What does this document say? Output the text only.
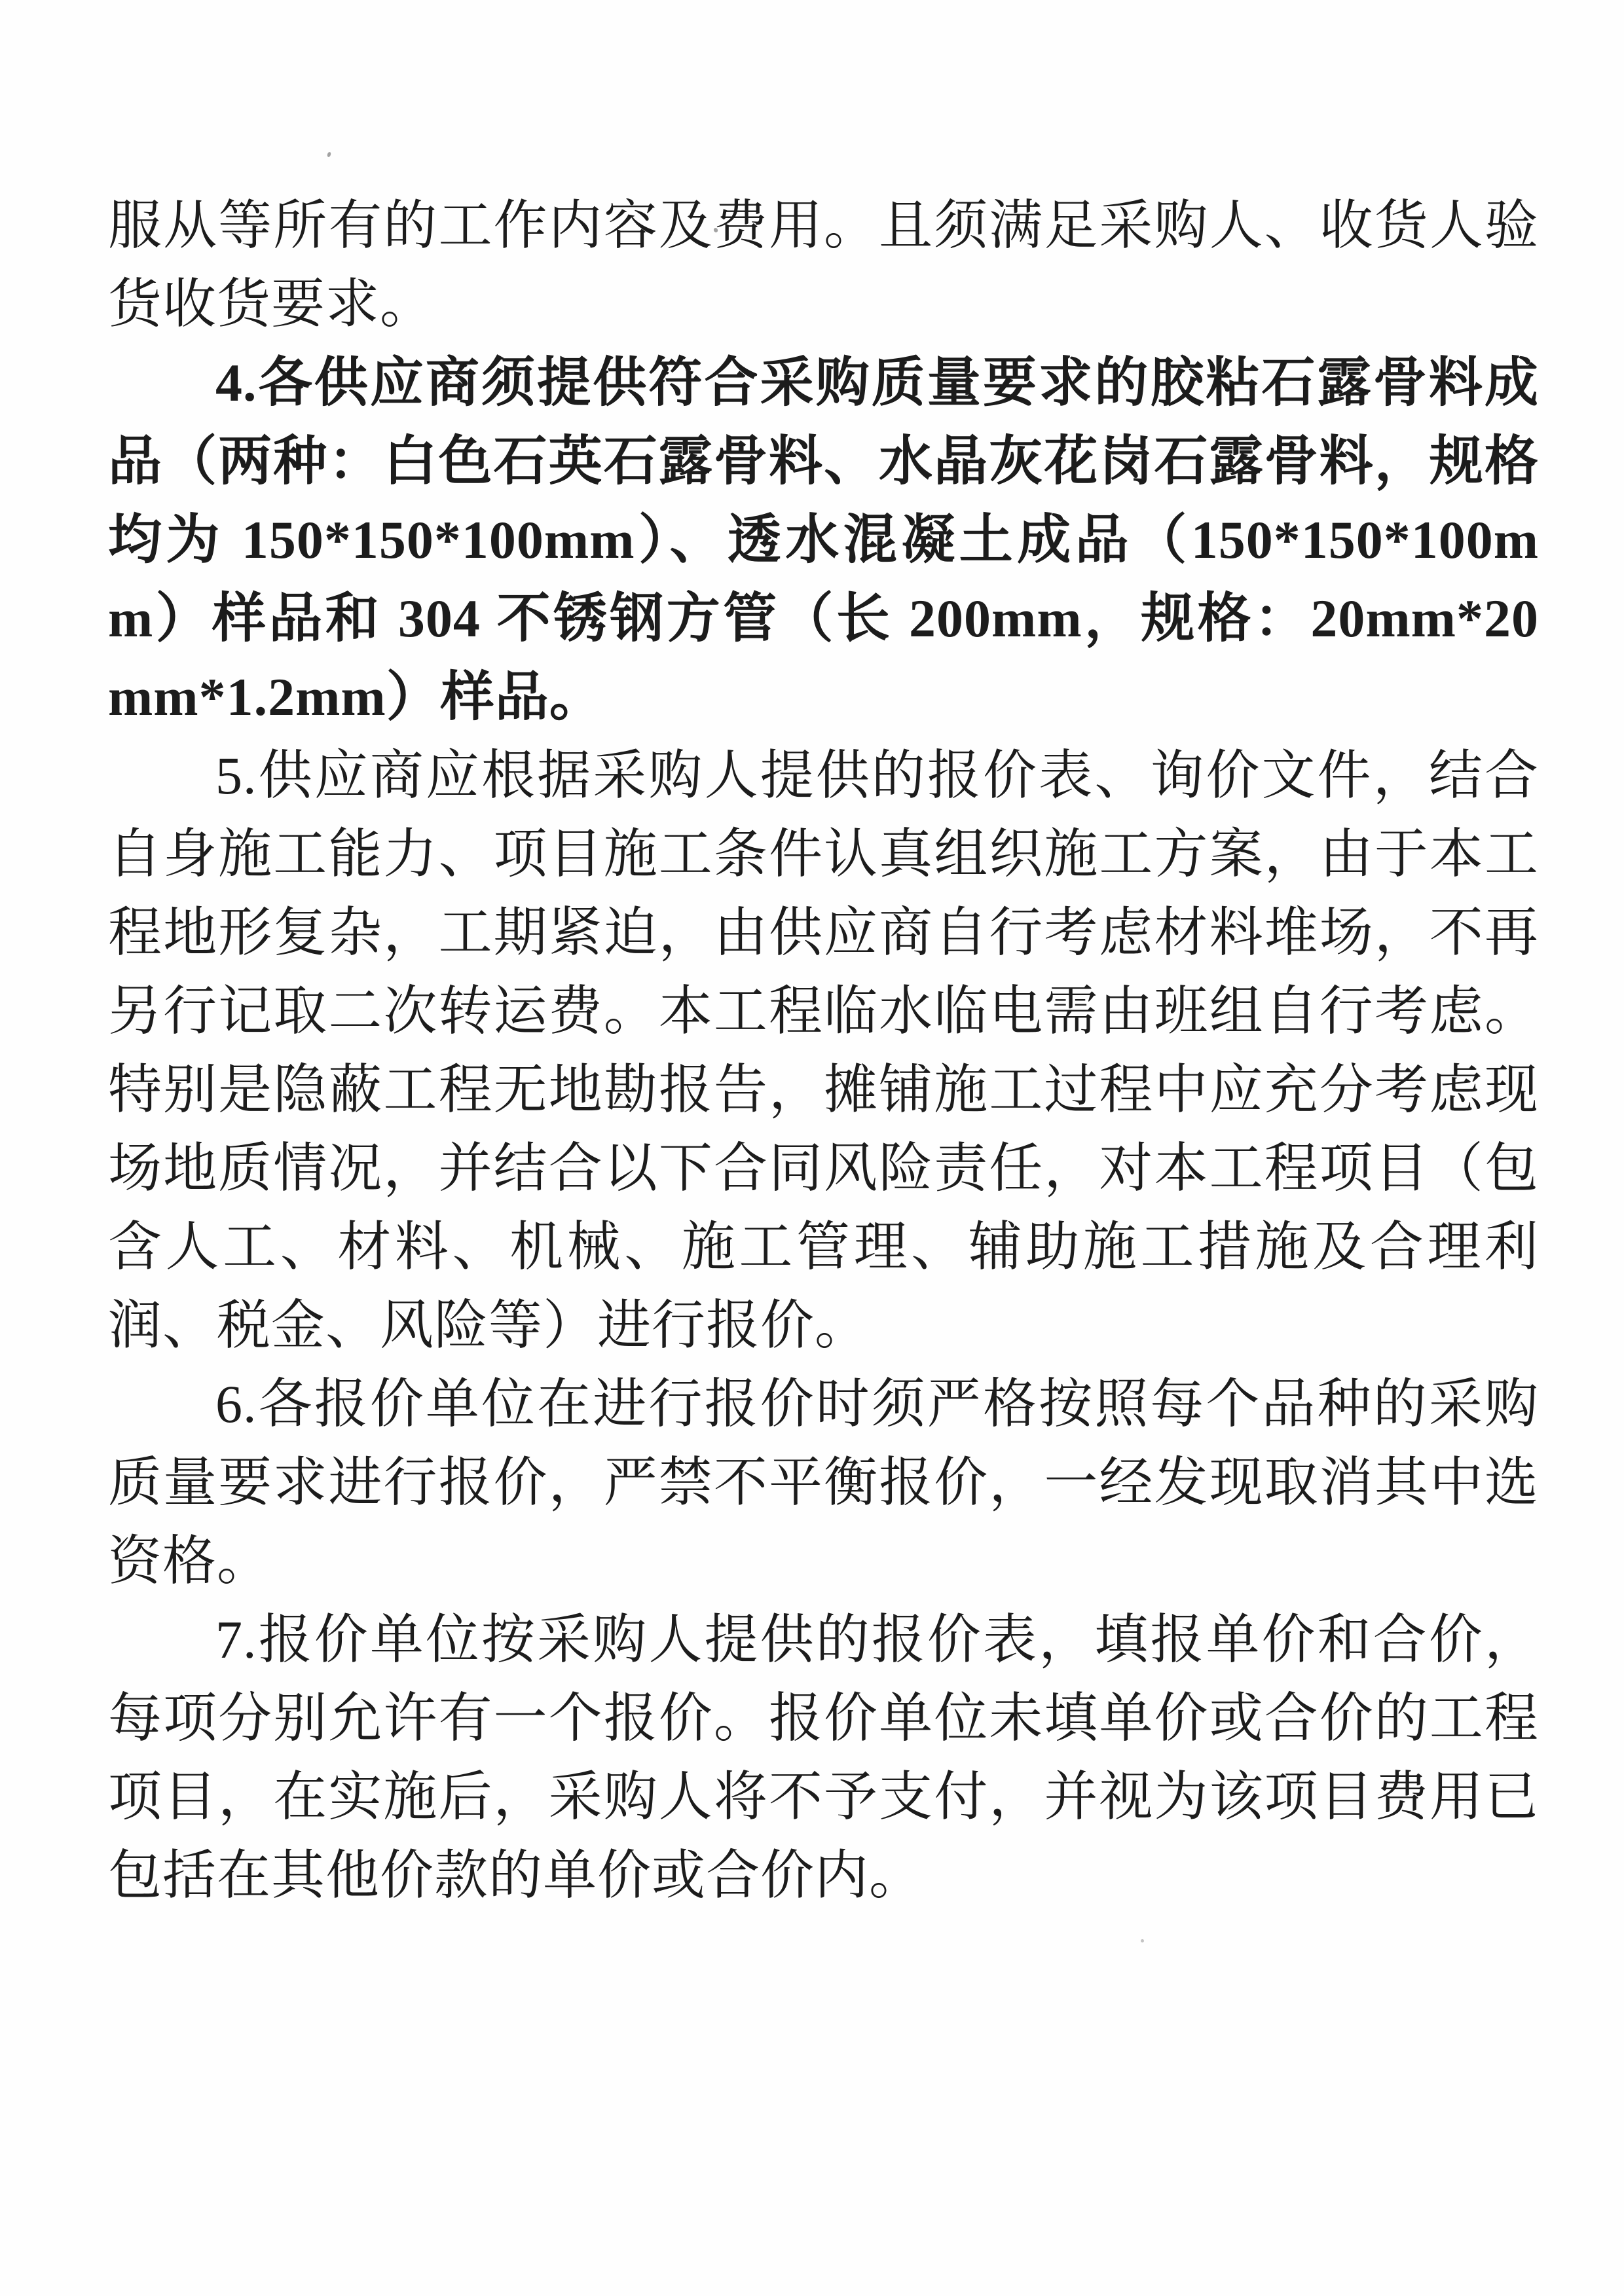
服从等所有的工作内容及费用。且须满足采购人、收货人验货收货要求。

4.各供应商须提供符合采购质量要求的胶粘石露骨料成品（两种：白色石英石露骨料、水晶灰花岗石露骨料，规格均为 150*150*100mm）、透水混凝土成品（150*150*100mm）样品和 304 不锈钢方管（长 200mm，规格：20mm*20mm*1.2mm）样品。

5.供应商应根据采购人提供的报价表、询价文件，结合自身施工能力、项目施工条件认真组织施工方案，由于本工程地形复杂，工期紧迫，由供应商自行考虑材料堆场，不再另行记取二次转运费。本工程临水临电需由班组自行考虑。特别是隐蔽工程无地勘报告，摊铺施工过程中应充分考虑现场地质情况，并结合以下合同风险责任，对本工程项目（包含人工、材料、机械、施工管理、辅助施工措施及合理利润、税金、风险等）进行报价。

6.各报价单位在进行报价时须严格按照每个品种的采购质量要求进行报价，严禁不平衡报价，一经发现取消其中选资格。

7.报价单位按采购人提供的报价表，填报单价和合价，每项分别允许有一个报价。报价单位未填单价或合价的工程项目，在实施后，采购人将不予支付，并视为该项目费用已包括在其他价款的单价或合价内。
